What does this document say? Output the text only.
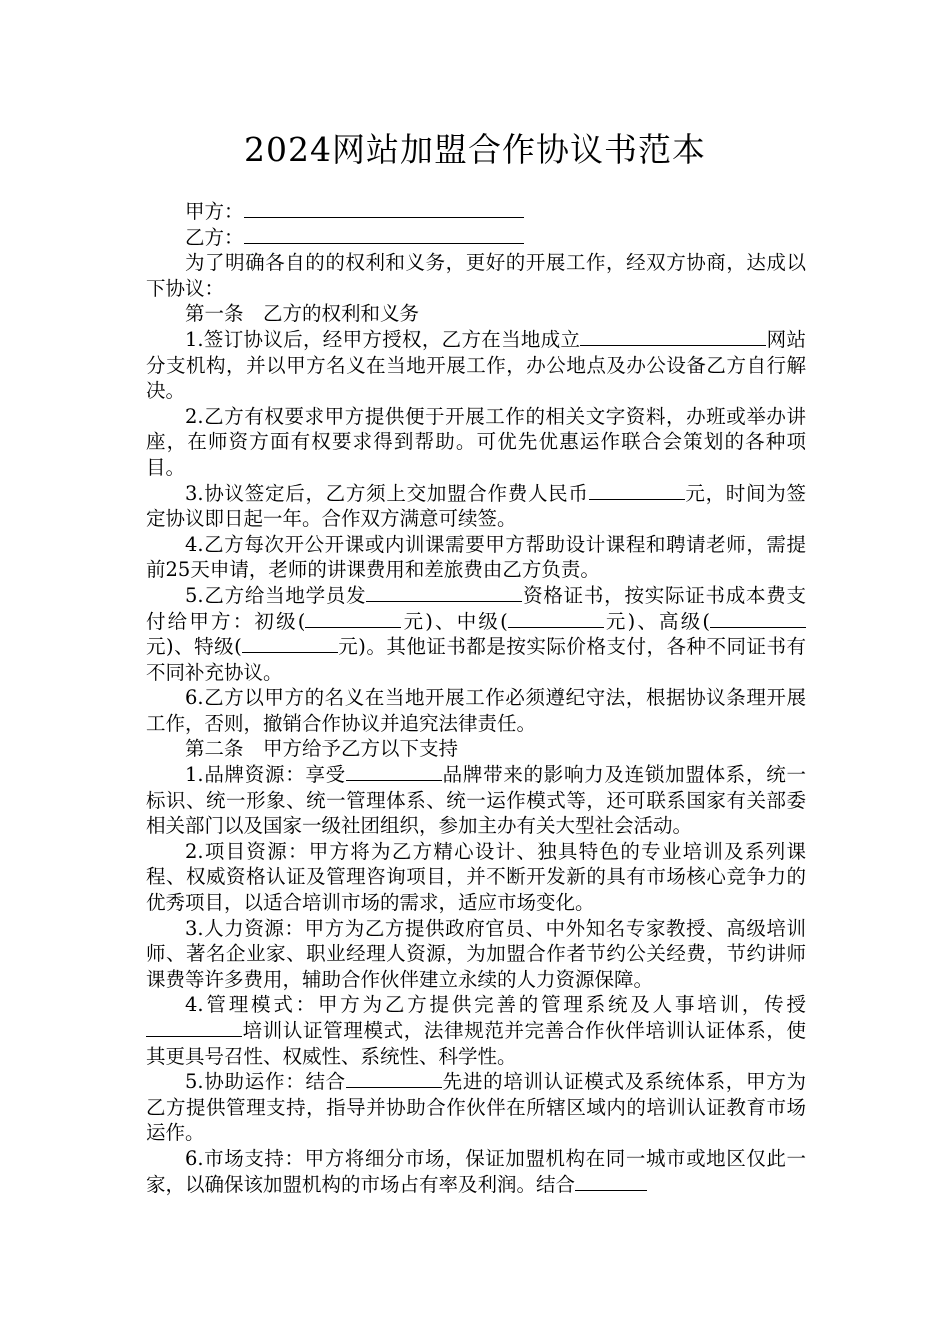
2024网站加盟合作协议书范本

甲方：

乙方：

为了明确各自的的权利和义务，更好的开展工作，经双方协商，达成以下协议：

第一条　乙方的权利和义务

1.签订协议后，经甲方授权，乙方在当地成立	网站分支机构，并以甲方名义在当地开展工作，办公地点及办公设备乙方自行解决。

2.乙方有权要求甲方提供便于开展工作的相关文字资料，办班或举办讲座，在师资方面有权要求得到帮助。可优先优惠运作联合会策划的各种项目。

3.协议签定后，乙方须上交加盟合作费人民币	元，时间为签定协议即日起一年。合作双方满意可续签。

4.乙方每次开公开课或内训课需要甲方帮助设计课程和聘请老师，需提前25天申请，老师的讲课费用和差旅费由乙方负责。

5.乙方给当地学员发	资格证书，按实际证书成本费支付给甲方：初级(	元)、中级(	元)、高级(元)、特级(	元)。其他证书都是按实际价格支付，各种不同证书有不同补充协议。

6.乙方以甲方的名义在当地开展工作必须遵纪守法，根据协议条理开展工作，否则，撤销合作协议并追究法律责任。

第二条　甲方给予乙方以下支持

1.品牌资源：享受	品牌带来的影响力及连锁加盟体系，统一标识、统一形象、统一管理体系、统一运作模式等，还可联系国家有关部委相关部门以及国家一级社团组织，参加主办有关大型社会活动。

2.项目资源：甲方将为乙方精心设计、独具特色的专业培训及系列课程、权威资格认证及管理咨询项目，并不断开发新的具有市场核心竞争力的优秀项目，以适合培训市场的需求，适应市场变化。

3.人力资源：甲方为乙方提供政府官员、中外知名专家教授、高级培训师、著名企业家、职业经理人资源，为加盟合作者节约公关经费，节约讲师课费等许多费用，辅助合作伙伴建立永续的人力资源保障。

4.管理模式：甲方为乙方提供完善的管理系统及人事培训，传授培训认证管理模式，法律规范并完善合作伙伴培训认证体系，使其更具号召性、权威性、系统性、科学性。

5.协助运作：结合	先进的培训认证模式及系统体系，甲方为乙方提供管理支持，指导并协助合作伙伴在所辖区域内的培训认证教育市场运作。

6.市场支持：甲方将细分市场，保证加盟机构在同一城市或地区仅此一家，以确保该加盟机构的市场占有率及利润。结合
